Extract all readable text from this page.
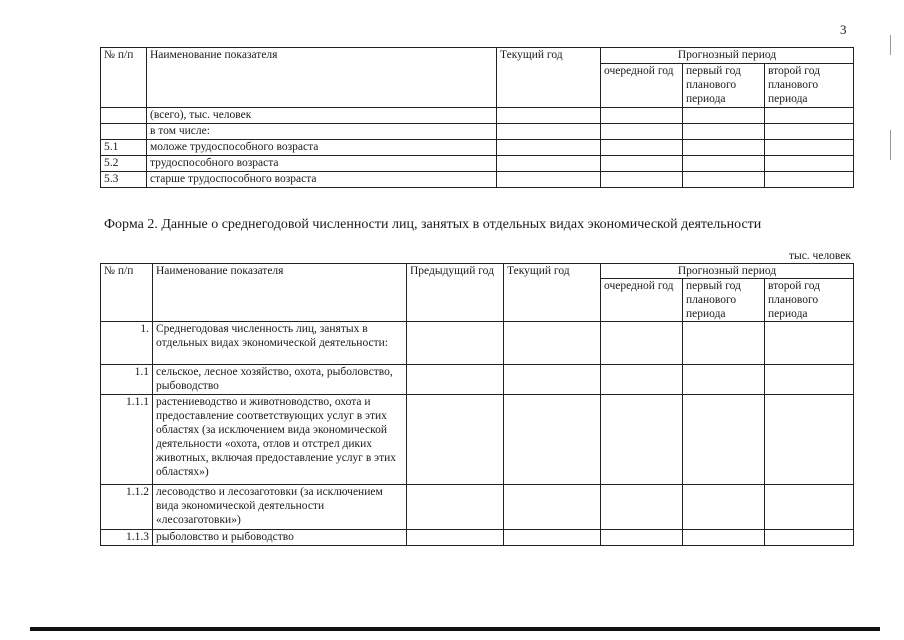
3
№ п/п	Наименование показателя	Текущий год	Прогнозный период		
			очередной год	первый год планового периода	второй год планового периода
	(всего), тыс. человек				
	в том числе:				
5.1	моложе трудоспособного возраста				
5.2	трудоспособного возраста				
5.3	старше трудоспособного возраста				
Форма 2. Данные о среднегодовой численности лиц, занятых в отдельных видах экономической деятельности
тыс. человек
№ п/п	Наименование показателя	Предыдущий год	Текущий год	Прогнозный период		
				очередной год	первый год планового периода	второй год планового периода
1.	Среднегодовая численность лиц, занятых в отдельных видах экономической деятельности:					
1.1	сельское, лесное хозяйство, охота, рыболовство, рыбоводство					
1.1.1	растениеводство и животноводство, охота и предоставление соответствующих услуг в этих областях (за исключением вида экономической деятельности «охота, отлов и отстрел диких животных, включая предоставление услуг в этих областях»)					
1.1.2	лесоводство и лесозаготовки (за исключением вида экономической деятельности «лесозаготовки»)					
1.1.3	рыболовство и рыбоводство					
